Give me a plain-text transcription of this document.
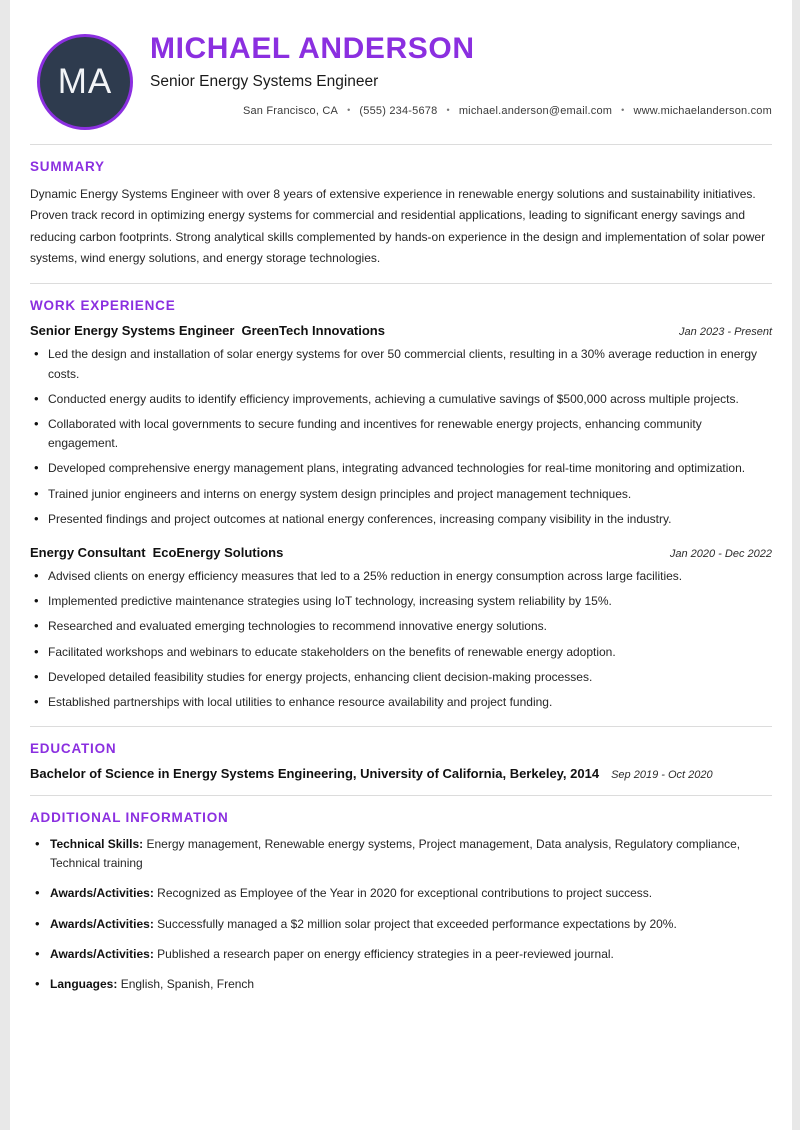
MA
MICHAEL ANDERSON
Senior Energy Systems Engineer
San Francisco, CA	• (555) 234-5678	• michael.anderson@email.com	• www.michaelanderson.com
SUMMARY

Dynamic Energy Systems Engineer with over 8 years of extensive experience in renewable energy solutions and sustainability initiatives. Proven track record in optimizing energy systems for commercial and residential applications, leading to significant energy savings and reducing carbon footprints. Strong analytical skills complemented by hands-on experience in the design and implementation of solar power systems, wind energy solutions, and energy storage technologies.

WORK EXPERIENCE
Senior Energy Systems Engineer GreenTech Innovations	Jan 2023 - Present
• Led the design and installation of solar energy systems for over 50 commercial clients, resulting in a 30% average reduction in energy costs.
• Conducted energy audits to identify efficiency improvements, achieving a cumulative savings of $500,000 across multiple projects.
• Collaborated with local governments to secure funding and incentives for renewable energy projects, enhancing community engagement.
• Developed comprehensive energy management plans, integrating advanced technologies for real-time monitoring and optimization.
• Trained junior engineers and interns on energy system design principles and project management techniques.
• Presented findings and project outcomes at national energy conferences, increasing company visibility in the industry.
Energy Consultant EcoEnergy Solutions	Jan 2020 - Dec 2022
• Advised clients on energy efficiency measures that led to a 25% reduction in energy consumption across large facilities.
• Implemented predictive maintenance strategies using IoT technology, increasing system reliability by 15%.
• Researched and evaluated emerging technologies to recommend innovative energy solutions.
• Facilitated workshops and webinars to educate stakeholders on the benefits of renewable energy adoption.
• Developed detailed feasibility studies for energy projects, enhancing client decision-making processes.
• Established partnerships with local utilities to enhance resource availability and project funding.
EDUCATION
Bachelor of Science in Energy Systems Engineering, University of California, Berkeley, 2014	Sep 2019 - Oct 2020
ADDITIONAL INFORMATION
• Technical Skills: Energy management, Renewable energy systems, Project management, Data analysis, Regulatory compliance, Technical training
• Awards/Activities: Recognized as Employee of the Year in 2020 for exceptional contributions to project success.
• Awards/Activities: Successfully managed a $2 million solar project that exceeded performance expectations by 20%.
• Awards/Activities: Published a research paper on energy efficiency strategies in a peer-reviewed journal.
• Languages: English, Spanish, French
